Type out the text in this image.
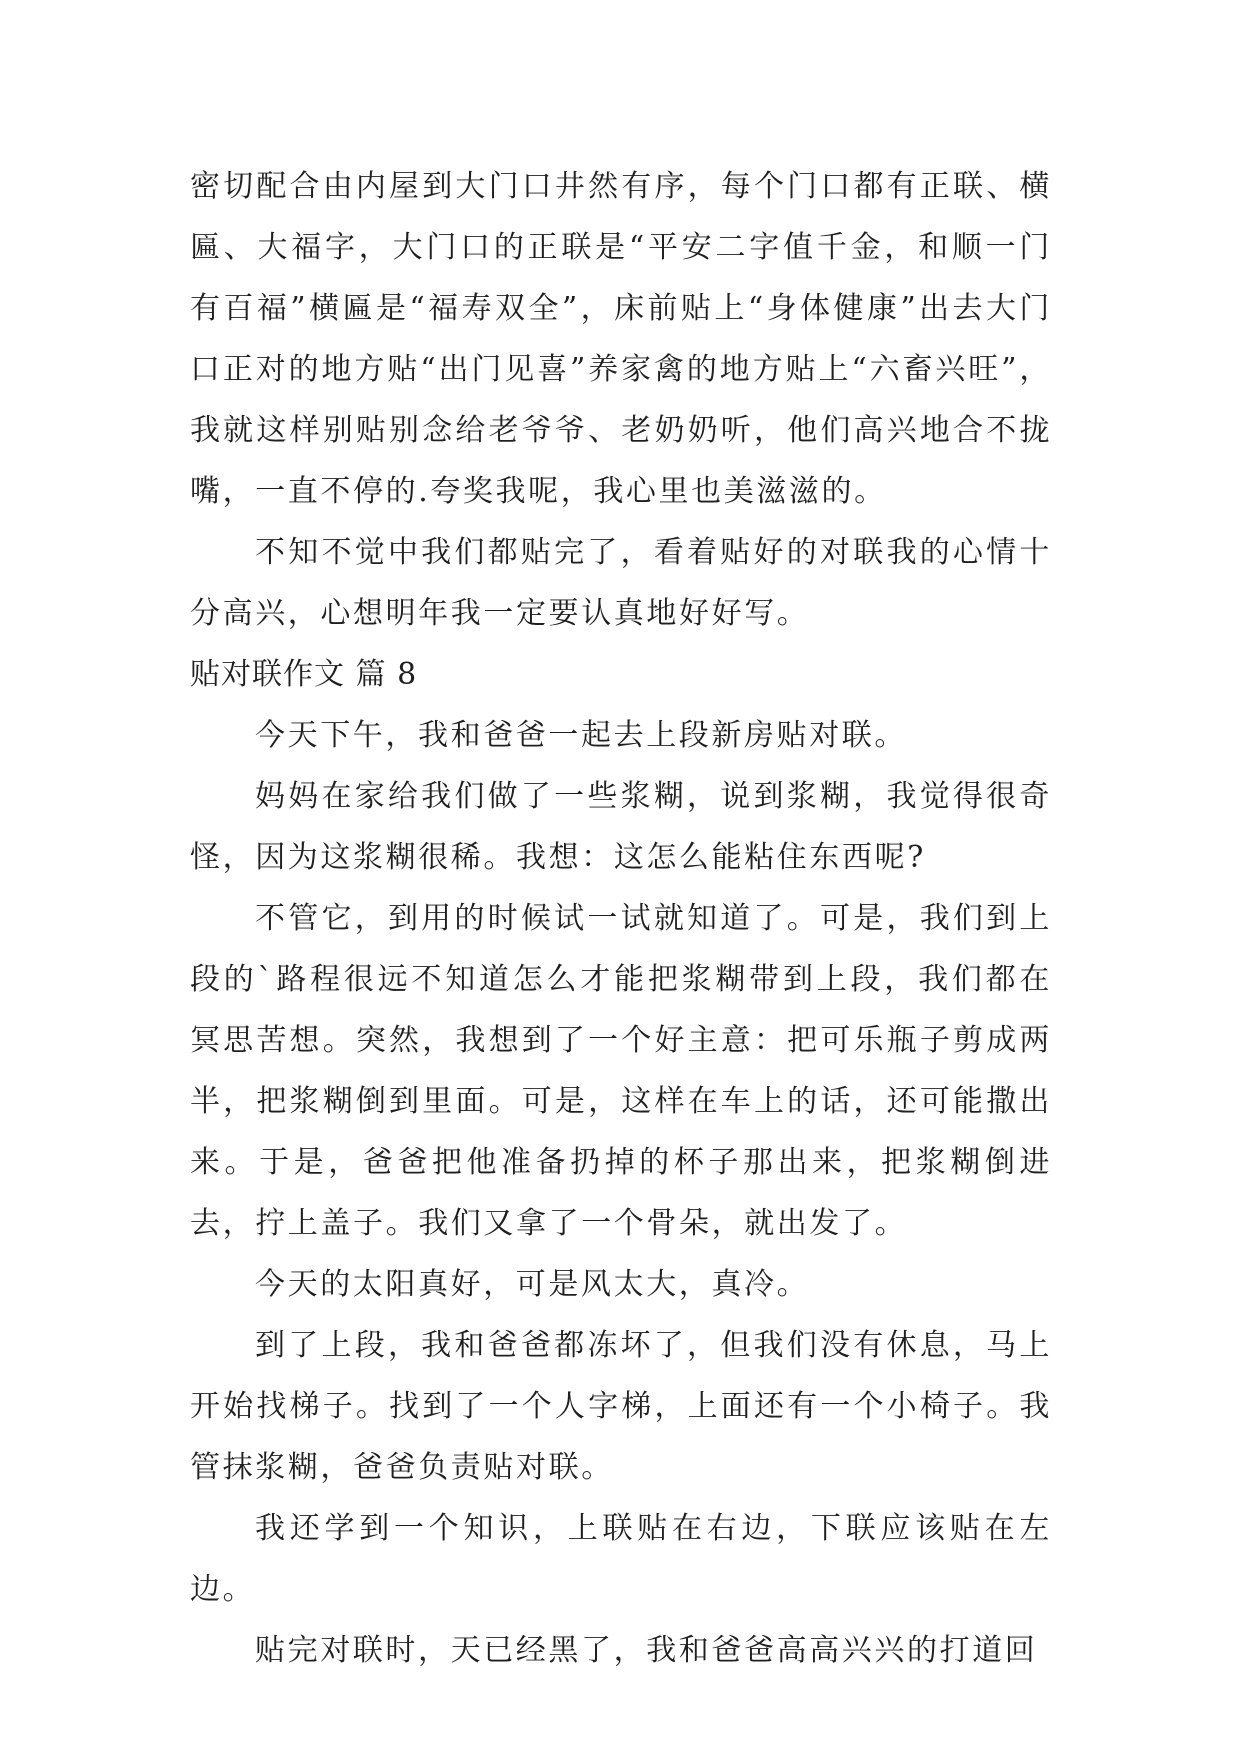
密切配合由内屋到大门口井然有序，每个门口都有正联、横匾、大福字，大门口的正联是“平安二字值千金，和顺一门有百福”横匾是“福寿双全”，床前贴上“身体健康”出去大门口正对的地方贴“出门见喜”养家禽的地方贴上“六畜兴旺”，我就这样别贴别念给老爷爷、老奶奶听，他们高兴地合不拢嘴，一直不停的.夸奖我呢，我心里也美滋滋的。

不知不觉中我们都贴完了，看着贴好的对联我的心情十分高兴，心想明年我一定要认真地好好写。

贴对联作文 篇 8

今天下午，我和爸爸一起去上段新房贴对联。

妈妈在家给我们做了一些浆糊，说到浆糊，我觉得很奇怪，因为这浆糊很稀。我想：这怎么能粘住东西呢?

不管它，到用的时候试一试就知道了。可是，我们到上段的`路程很远不知道怎么才能把浆糊带到上段，我们都在冥思苦想。突然，我想到了一个好主意：把可乐瓶子剪成两半，把浆糊倒到里面。可是，这样在车上的话，还可能撒出来。于是，爸爸把他准备扔掉的杯子那出来，把浆糊倒进去，拧上盖子。我们又拿了一个骨朵，就出发了。

今天的太阳真好，可是风太大，真冷。

到了上段，我和爸爸都冻坏了，但我们没有休息，马上开始找梯子。找到了一个人字梯，上面还有一个小椅子。我管抹浆糊，爸爸负责贴对联。

我还学到一个知识，上联贴在右边，下联应该贴在左边。

贴完对联时，天已经黑了，我和爸爸高高兴兴的打道回
